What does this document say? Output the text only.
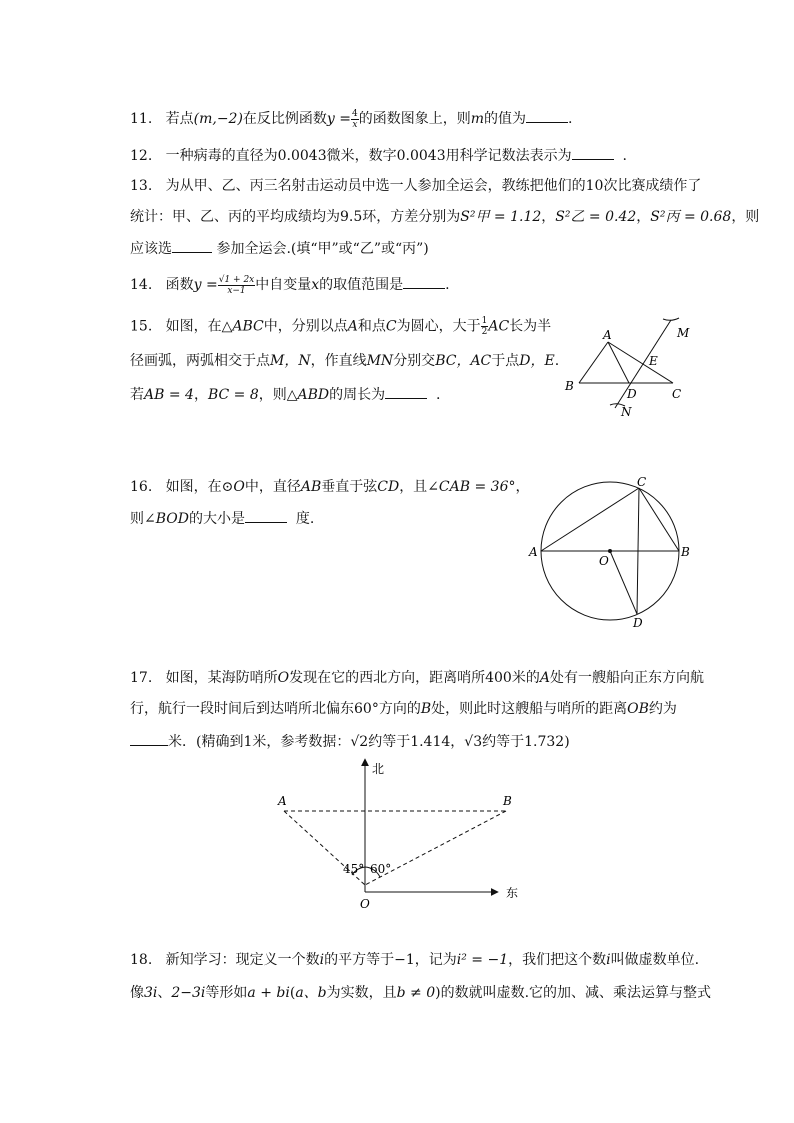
11. 若点(m,−2)在反比例函数$y = \frac{4}{x}$ 的函数图象上，则m的值为	.
12. 一种病毒的直径为0.0043微米，数字0.0043用科学记数法表示为	.
13. 为从甲、乙、丙三名射击运动员中选一人参加全运会，教练把他们的10次比赛成绩作了
统计：甲、乙、丙的平均成绩均为9.5环，方差分别为S²甲 = 1.12，S²乙 = 0.42，S²丙 = 0.68，则
应该选	参加全运会.(填“甲”或“乙”或“丙”)
14. 函数$y = \frac{√1 + 2x}{x-1}$ 中自变量x的取值范围是	.
15. 如图，在△ABC中，分别以点A和点C为圆心，大于 $\frac{1}{2}$ AC长为半
径画弧，两弧相交于点M，N，作直线MN分别交BC，AC于点D，E.
若AB = 4，BC = 8，则△ABD的周长为	.
A
B
C
D
E
M
N
16. 如图，在⊙O中，直径AB垂直于弦CD，且∠CAB = 36°，
则∠BOD的大小是	度.
A	B
C
D
O
17. 如图，某海防哨所O发现在它的西北方向，距离哨所400米的A处有一艘船向正东方向航
行，航行一段时间后到达哨所北偏东60°方向的B处，则此时这艘船与哨所的距离OB约为
米．(精确到1米，参考数据：√2约等于1.414，√3约等于1.732)
北
东
A	B
O
45° 60°
18. 新知学习：现定义一个数i的平方等于−1，记为i² = −1，我们把这个数i叫做虚数单位.
像3i、2−3i等形如a + bi(a、b为实数，且b ≠ 0)的数就叫虚数.它的加、减、乘法运算与整式
